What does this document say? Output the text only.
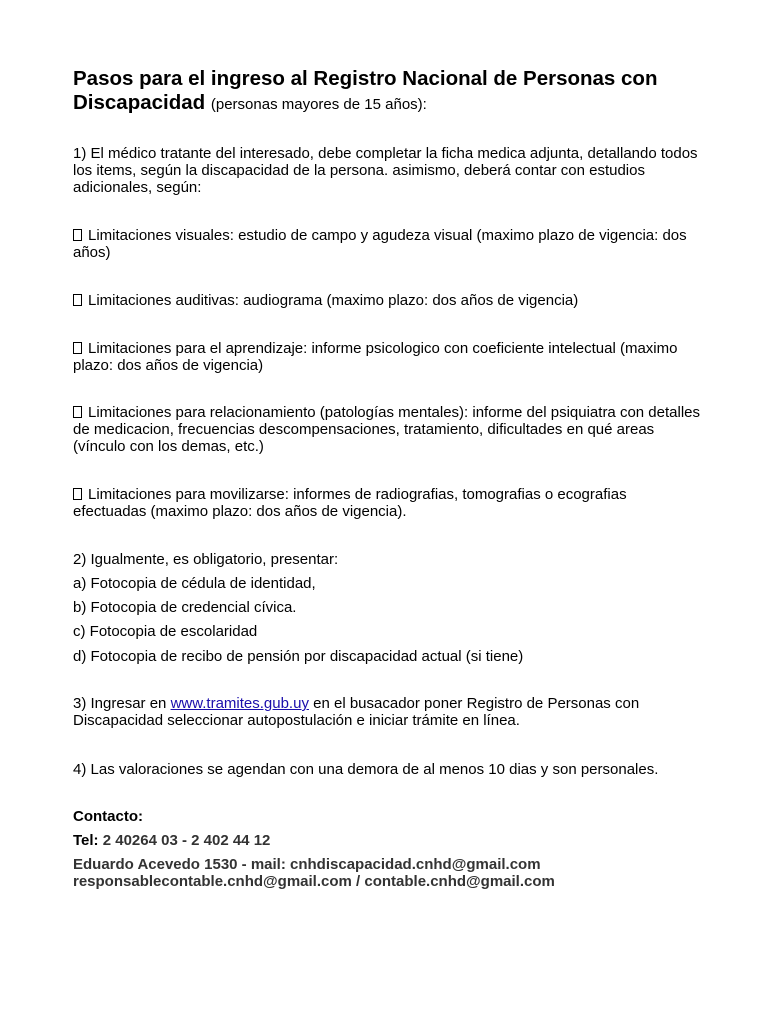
Pasos para el ingreso al Registro Nacional de Personas con Discapacidad (personas mayores de 15 años):

1) El médico tratante del interesado, debe completar la ficha medica adjunta, detallando todos los items, según la discapacidad de la persona. asimismo, deberá contar con estudios adicionales, según:

Limitaciones visuales: estudio de campo y agudeza visual (maximo plazo de vigencia: dos años)

Limitaciones auditivas: audiograma (maximo plazo: dos años de vigencia)

Limitaciones para el aprendizaje: informe psicologico con coeficiente intelectual (maximo plazo: dos años de vigencia)

Limitaciones para relacionamiento (patologías mentales): informe del psiquiatra con detalles de medicacion, frecuencias descompensaciones, tratamiento, dificultades en qué areas (vínculo con los demas, etc.)

Limitaciones para movilizarse: informes de radiografias, tomografias o ecografias efectuadas (maximo plazo: dos años de vigencia).

2) Igualmente, es obligatorio, presentar:

a) Fotocopia de cédula de identidad,

b) Fotocopia de credencial cívica.

c) Fotocopia de escolaridad

d) Fotocopia de recibo de pensión por discapacidad actual (si tiene)

3) Ingresar en www.tramites.gub.uy en el busacador poner Registro de Personas con Discapacidad seleccionar autopostulación e iniciar trámite en línea.

4) Las valoraciones se agendan con una demora de al menos 10 dias y son personales.

Contacto:

Tel: 2 40264 03 - 2 402 44 12

Eduardo Acevedo 1530 - mail: cnhdiscapacidad.cnhd@gmail.com

responsablecontable.cnhd@gmail.com / contable.cnhd@gmail.com
